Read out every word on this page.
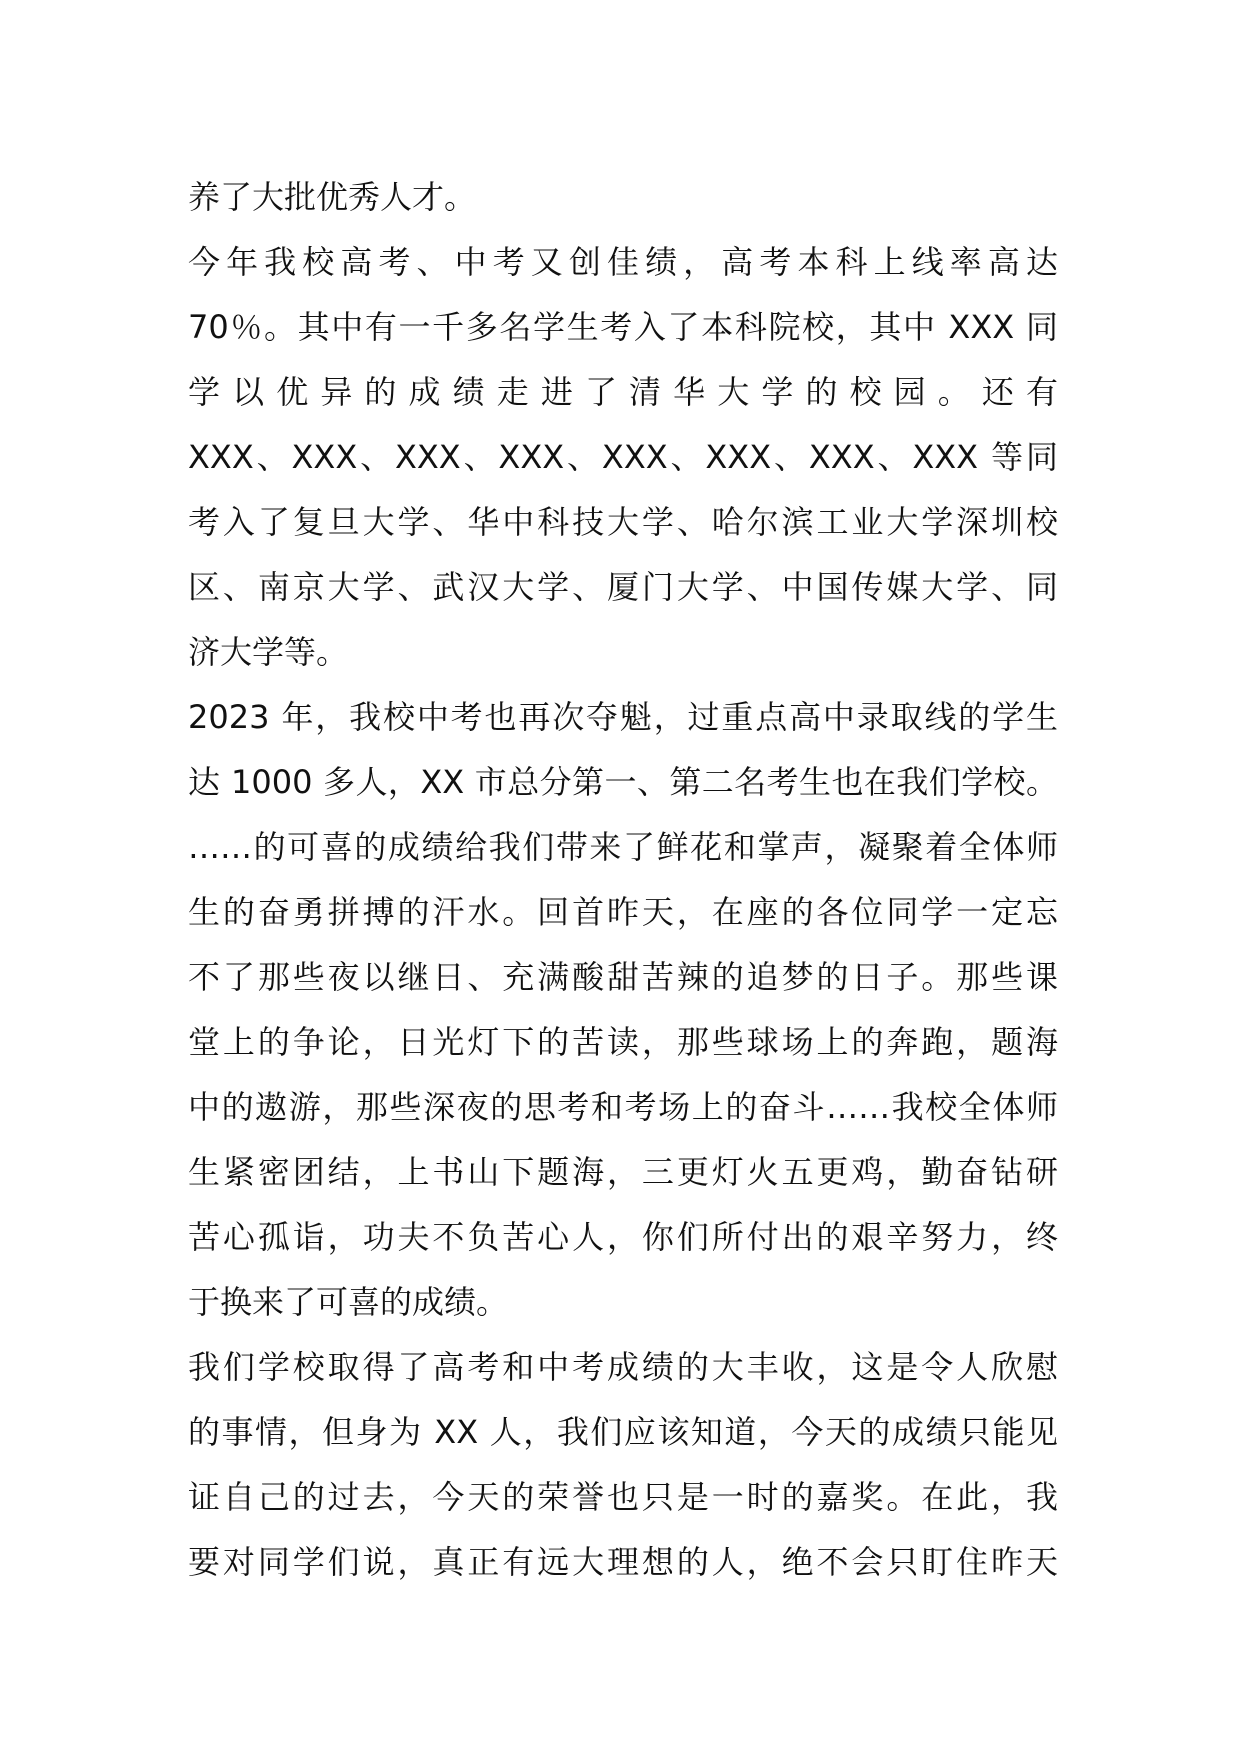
养了大批优秀人才。
今年我校高考、中考又创佳绩，高考本科上线率高达
70％。其中有一千多名学生考入了本科院校，其中 XXX 同
学 以 优 异 的 成 绩 走 进 了 清 华 大 学 的 校 园 。 还 有
XXX、XXX、XXX、XXX、XXX、XXX、XXX、XXX 等同
考入了复旦大学、华中科技大学、哈尔滨工业大学深圳校
区、南京大学、武汉大学、厦门大学、中国传媒大学、同
济大学等。
2023 年，我校中考也再次夺魁，过重点高中录取线的学生
达 1000 多人，XX 市总分第一、第二名考生也在我们学校。
……的可喜的成绩给我们带来了鲜花和掌声，凝聚着全体师
生的奋勇拼搏的汗水。回首昨天，在座的各位同学一定忘
不了那些夜以继日、充满酸甜苦辣的追梦的日子。那些课
堂上的争论，日光灯下的苦读，那些球场上的奔跑，题海
中的遨游，那些深夜的思考和考场上的奋斗……我校全体师
生紧密团结，上书山下题海，三更灯火五更鸡，勤奋钻研
苦心孤诣，功夫不负苦心人，你们所付出的艰辛努力，终
于换来了可喜的成绩。
我们学校取得了高考和中考成绩的大丰收，这是令人欣慰
的事情，但身为 XX 人，我们应该知道，今天的成绩只能见
证自己的过去，今天的荣誉也只是一时的嘉奖。在此，我
要对同学们说，真正有远大理想的人，绝不会只盯住昨天
